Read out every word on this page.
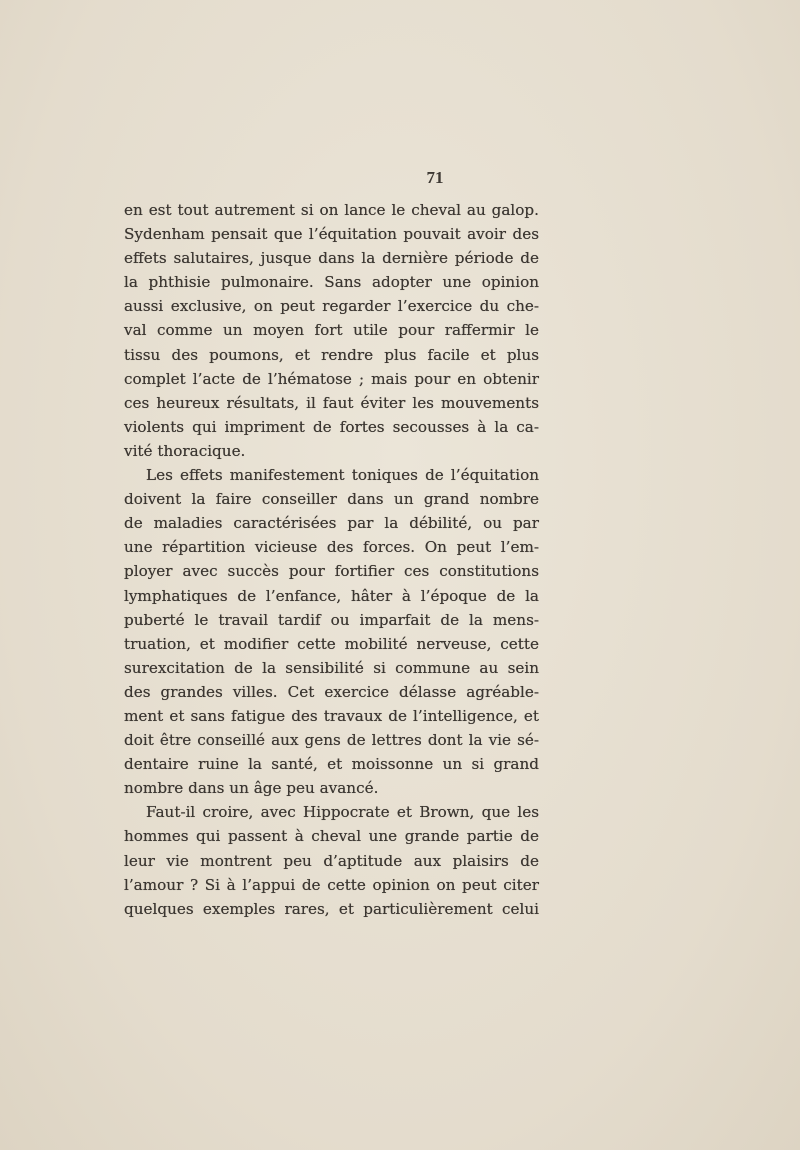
71
en est tout autrement si on lance le cheval au galop.
Sydenham pensait que l’équitation pouvait avoir des
effets salutaires, jusque dans la dernière période de
la phthisie pulmonaire. Sans adopter une opinion
aussi exclusive, on peut regarder l’exercice du che-
val comme un moyen fort utile pour raffermir le
tissu des poumons, et rendre plus facile et plus
complet l’acte de l’hématose ; mais pour en obtenir
ces heureux résultats, il faut éviter les mouvements
violents qui impriment de fortes secousses à la ca-
vité thoracique.
Les effets manifestement toniques de l’équitation
doivent la faire conseiller dans un grand nombre
de maladies caractérisées par la débilité, ou par
une répartition vicieuse des forces. On peut l’em-
ployer avec succès pour fortifier ces constitutions
lymphatiques de l’enfance, hâter à l’époque de la
puberté le travail tardif ou imparfait de la mens-
truation, et modifier cette mobilité nerveuse, cette
surexcitation de la sensibilité si commune au sein
des grandes villes. Cet exercice délasse agréable-
ment et sans fatigue des travaux de l’intelligence, et
doit être conseillé aux gens de lettres dont la vie sé-
dentaire ruine la santé, et moissonne un si grand
nombre dans un âge peu avancé.
Faut-il croire, avec Hippocrate et Brown, que les
hommes qui passent à cheval une grande partie de
leur vie montrent peu d’aptitude aux plaisirs de
l’amour ? Si à l’appui de cette opinion on peut citer
quelques exemples rares, et particulièrement celui
